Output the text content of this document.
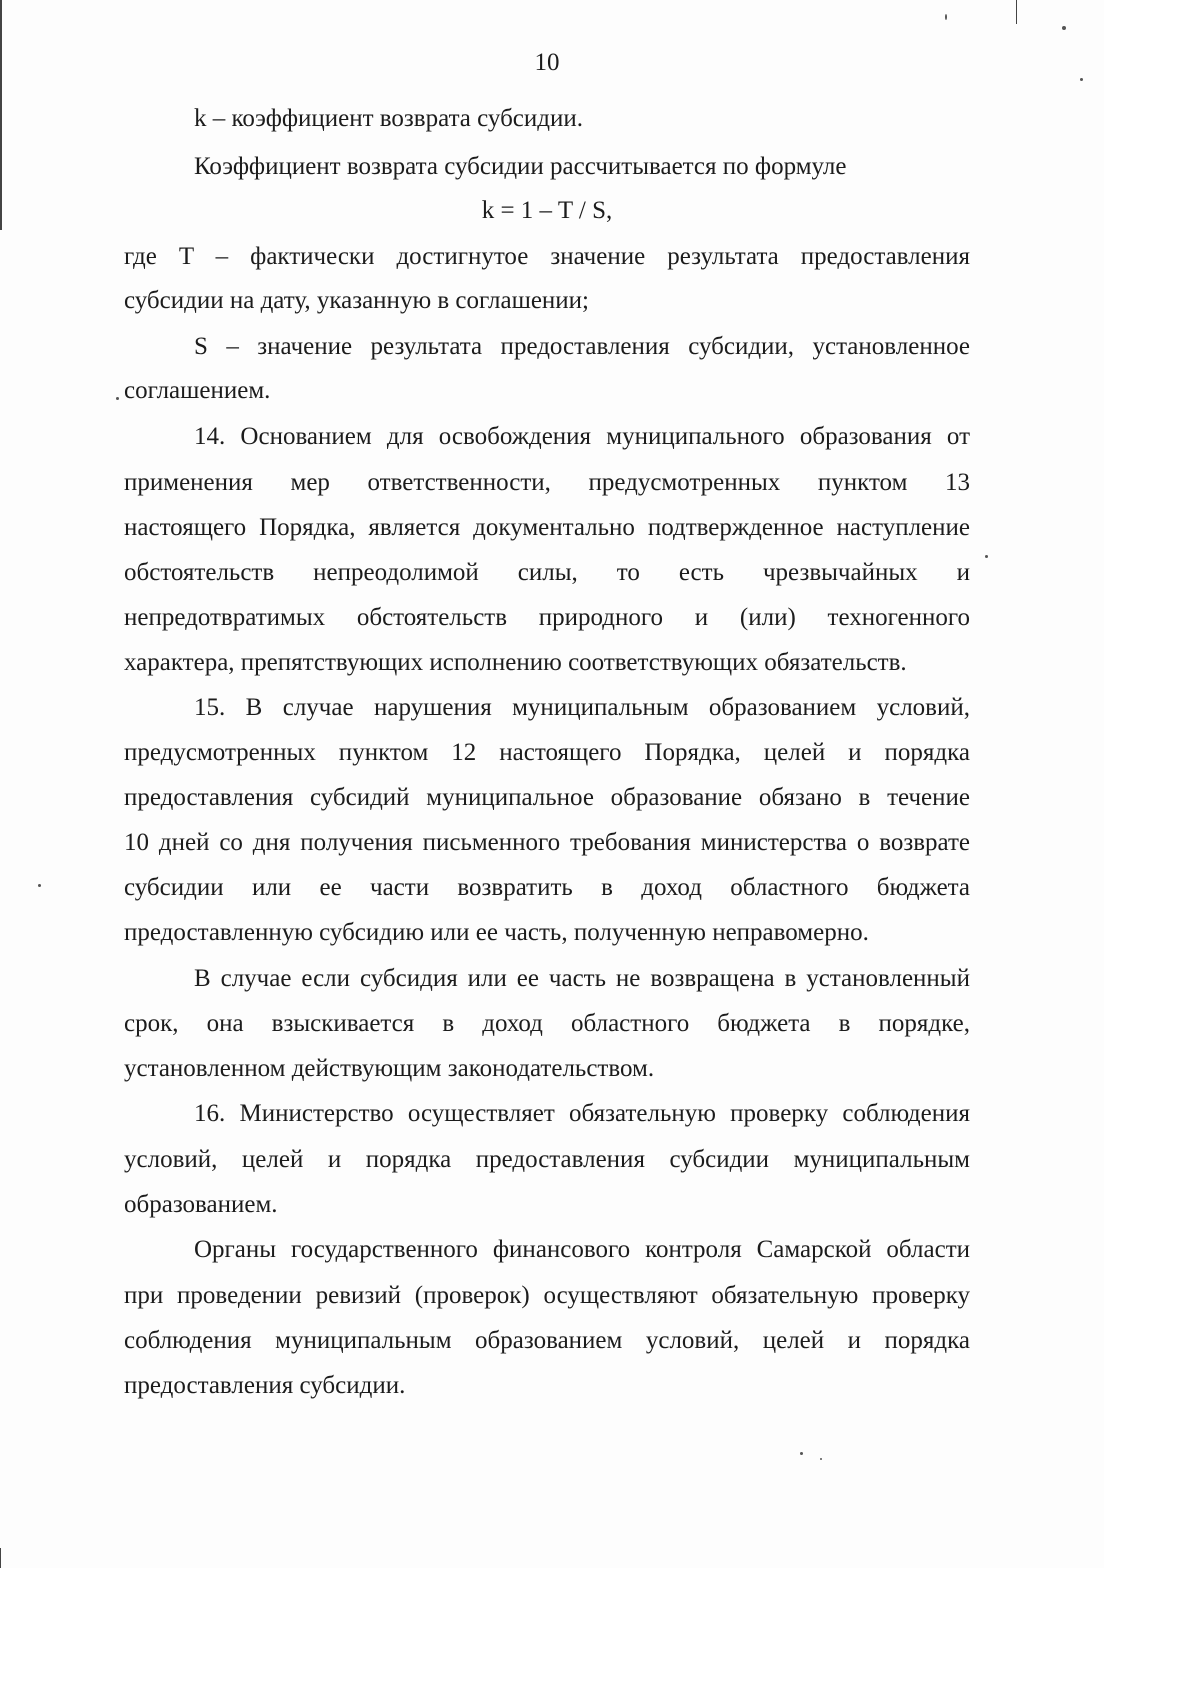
10
k – коэффициент возврата субсидии.
Коэффициент возврата субсидии рассчитывается по формуле
k = 1 – T / S,
где T – фактически достигнутое значение результата предоставления
субсидии на дату, указанную в соглашении;
S – значение результата предоставления субсидии, установленное
соглашением.
14. Основанием для освобождения муниципального образования от
применения мер ответственности, предусмотренных пунктом 13
настоящего Порядка, является документально подтвержденное наступление
обстоятельств непреодолимой силы, то есть чрезвычайных и
непредотвратимых обстоятельств природного и (или) техногенного
характера, препятствующих исполнению соответствующих обязательств.
15. В случае нарушения муниципальным образованием условий,
предусмотренных пунктом 12 настоящего Порядка, целей и порядка
предоставления субсидий муниципальное образование обязано в течение
10 дней со дня получения письменного требования министерства о возврате
субсидии или ее части возвратить в доход областного бюджета
предоставленную субсидию или ее часть, полученную неправомерно.
В случае если субсидия или ее часть не возвращена в установленный
срок, она взыскивается в доход областного бюджета в порядке,
установленном действующим законодательством.
16. Министерство осуществляет обязательную проверку соблюдения
условий, целей и порядка предоставления субсидии муниципальным
образованием.
Органы государственного финансового контроля Самарской области
при проведении ревизий (проверок) осуществляют обязательную проверку
соблюдения муниципальным образованием условий, целей и порядка
предоставления субсидии.
